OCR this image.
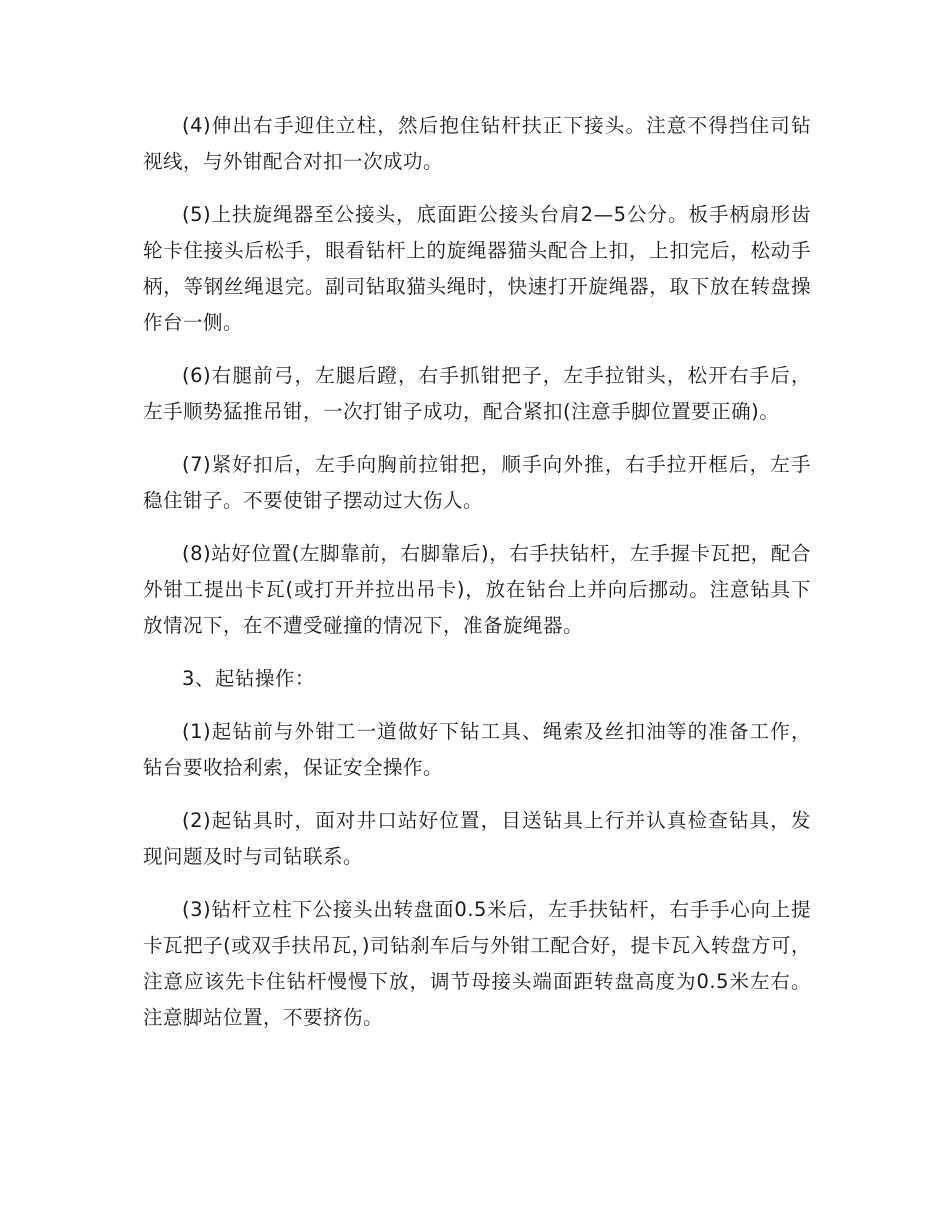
(4)伸出右手迎住立柱，然后抱住钻杆扶正下接头。注意不得挡住司钻视线，与外钳配合对扣一次成功。

(5)上扶旋绳器至公接头，底面距公接头台肩2—5公分。板手柄扇形齿轮卡住接头后松手，眼看钻杆上的旋绳器猫头配合上扣，上扣完后，松动手柄，等钢丝绳退完。副司钻取猫头绳时，快速打开旋绳器，取下放在转盘操作台一侧。

(6)右腿前弓，左腿后蹬，右手抓钳把子，左手拉钳头，松开右手后，左手顺势猛推吊钳，一次打钳子成功，配合紧扣(注意手脚位置要正确)。

(7)紧好扣后，左手向胸前拉钳把，顺手向外推，右手拉开框后，左手稳住钳子。不要使钳子摆动过大伤人。

(8)站好位置(左脚靠前，右脚靠后)，右手扶钻杆，左手握卡瓦把，配合外钳工提出卡瓦(或打开并拉出吊卡)，放在钻台上并向后挪动。注意钻具下放情况下，在不遭受碰撞的情况下，准备旋绳器。

3、起钻操作：

(1)起钻前与外钳工一道做好下钻工具、绳索及丝扣油等的准备工作，钻台要收拾利索，保证安全操作。

(2)起钻具时，面对井口站好位置，目送钻具上行并认真检查钻具，发现问题及时与司钻联系。

(3)钻杆立柱下公接头出转盘面0.5米后，左手扶钻杆，右手手心向上提卡瓦把子(或双手扶吊瓦，)司钻刹车后与外钳工配合好，提卡瓦入转盘方可，注意应该先卡住钻杆慢慢下放，调节母接头端面距转盘高度为0.5米左右。注意脚站位置，不要挤伤。
